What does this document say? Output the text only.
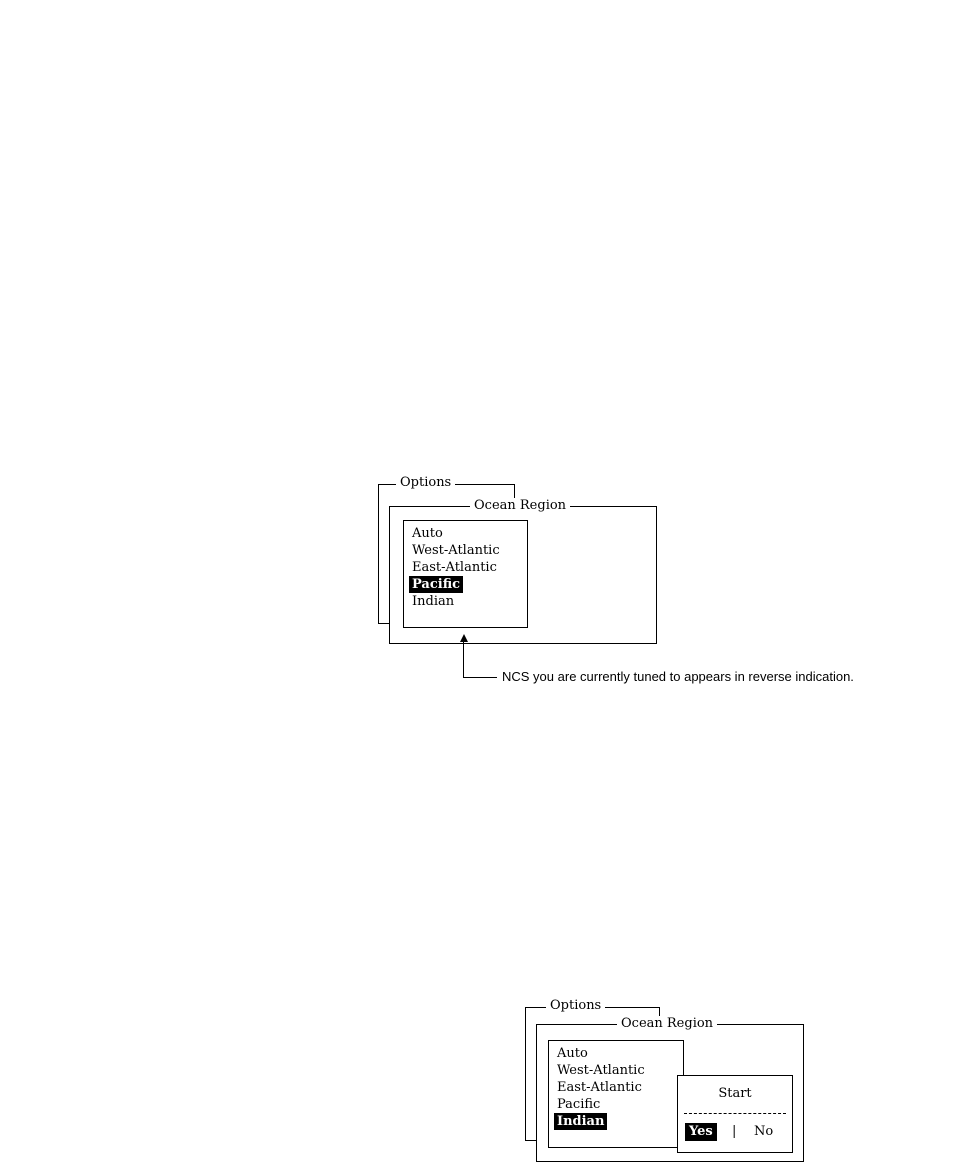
Options
Ocean Region
Auto
West-Atlantic
East-Atlantic
Pacific
Indian
NCS you are currently tuned to appears in reverse indication.
Options
Ocean Region
Auto
West-Atlantic
East-Atlantic
Pacific
Indian
Start
Yes	|	No
